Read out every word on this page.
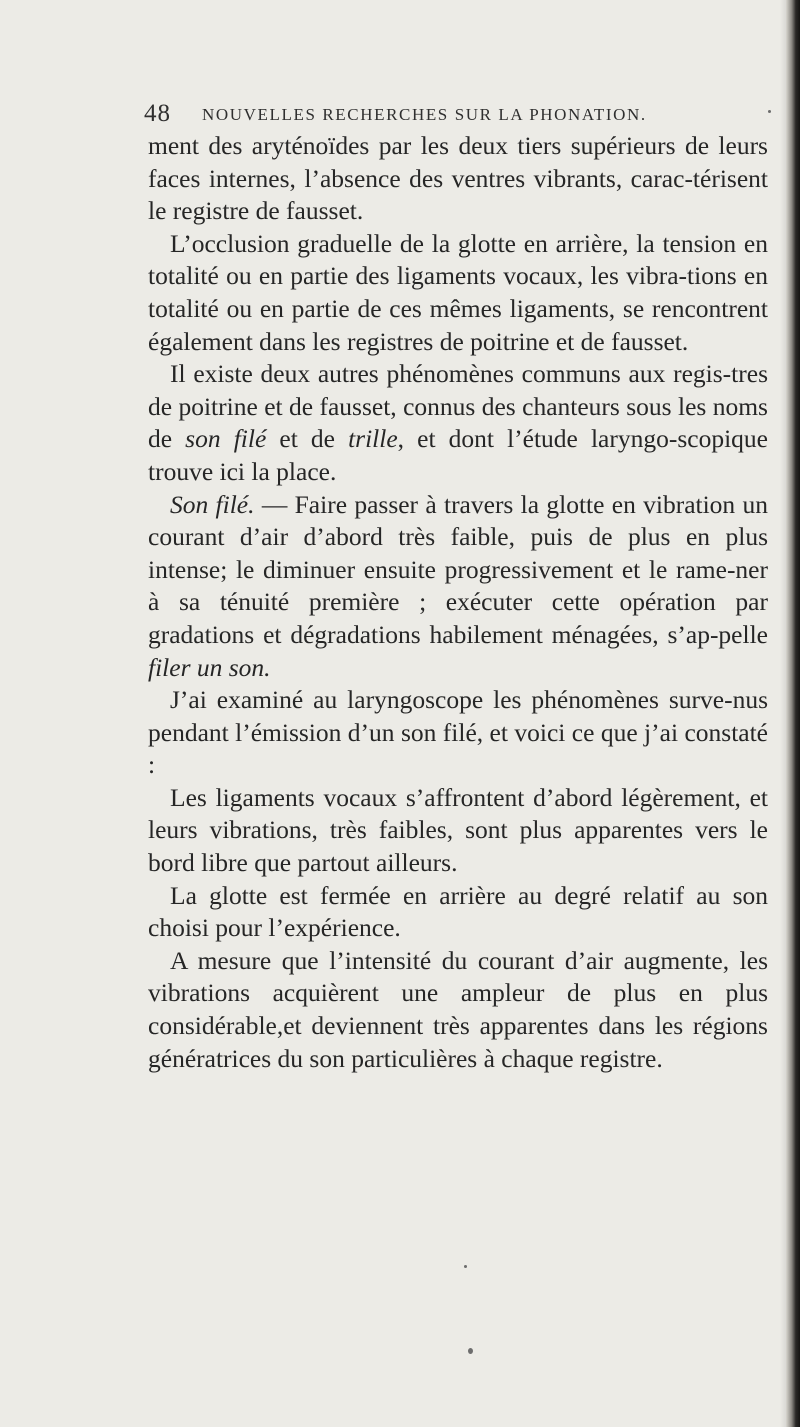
48 NOUVELLES RECHERCHES SUR LA PHONATION.

ment des aryténoïdes par les deux tiers supérieurs de leurs faces internes, l’absence des ventres vibrants, carac-térisent le registre de fausset.

L’occlusion graduelle de la glotte en arrière, la tension en totalité ou en partie des ligaments vocaux, les vibra-tions en totalité ou en partie de ces mêmes ligaments, se rencontrent également dans les registres de poitrine et de fausset.

Il existe deux autres phénomènes communs aux regis-tres de poitrine et de fausset, connus des chanteurs sous les noms de son filé et de trille, et dont l’étude laryngo-scopique trouve ici la place.

Son filé. — Faire passer à travers la glotte en vibration un courant d’air d’abord très faible, puis de plus en plus intense; le diminuer ensuite progressivement et le rame-ner à sa ténuité première ; exécuter cette opération par gradations et dégradations habilement ménagées, s’ap-pelle filer un son.

J’ai examiné au laryngoscope les phénomènes surve-nus pendant l’émission d’un son filé, et voici ce que j’ai constaté :

Les ligaments vocaux s’affrontent d’abord légèrement, et leurs vibrations, très faibles, sont plus apparentes vers le bord libre que partout ailleurs.

La glotte est fermée en arrière au degré relatif au son choisi pour l’expérience.

A mesure que l’intensité du courant d’air augmente, les vibrations acquièrent une ampleur de plus en plus considérable,et deviennent très apparentes dans les régions génératrices du son particulières à chaque registre.
